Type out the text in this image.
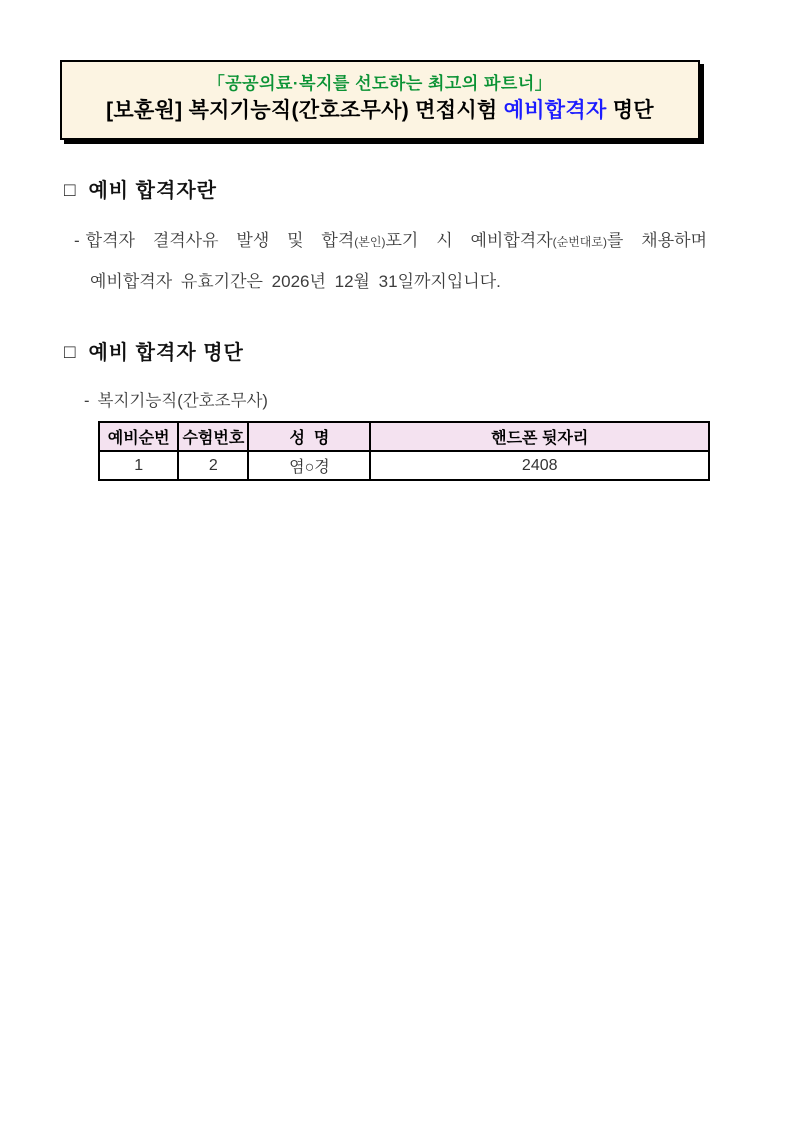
「공공의료·복지를 선도하는 최고의 파트너」
[보훈원] 복지기능직(간호조무사) 면접시험 예비합격자 명단
□ 예비 합격자란
- 합격자 결격사유 발생 및 합격(본인)포기 시 예비합격자(순번대로)를 채용하며
예비합격자 유효기간은 2026년 12월 31일까지입니다.
□ 예비 합격자 명단
- 복지기능직(간호조무사)
예비순번	수험번호	성  명	핸드폰 뒷자리
1	2	염○경	2408
